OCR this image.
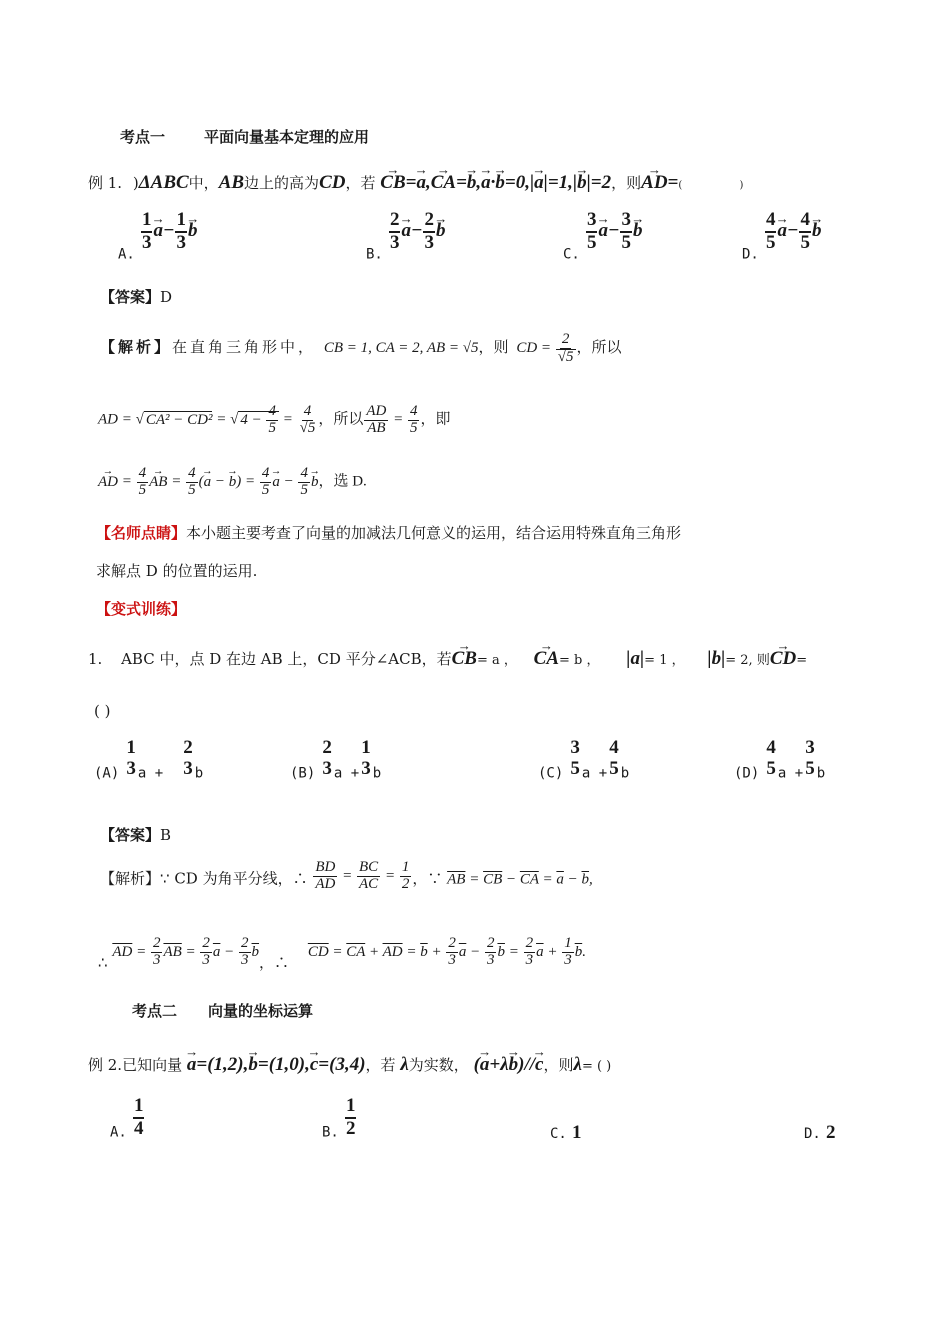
考点一	平面向量基本定理的应用
例 1. )ΔABC中，AB边上的高为CD，若 → CB=→ a,→ CA=→ b,→ a·→ b=0,|→ a|=1,|→ b|=2，则→ AD=(                  )
A.
$\frac{1}{3} \to a- \frac{1}{3} \to b$
B.
$\frac{2}{3} \to a- \frac{2}{3} \to b$
C.
$\frac{3}{5} \to a- \frac{3}{5} \to b$
D.
$\frac{4}{5} \to a- \frac{4}{5} \to b$
【答案】D
【解析】在直角三角形中， CB = 1, CA = 2, AB = √5，则 CD = $\frac{2}{√5}$ ，所以
AD = √ CA² − CD² = √ $4 - \frac{4}{5} = \frac{4}{√5}$ ，所以 $\frac{AD}{AB} = \frac{4}{5}$ ，即
→ AD = $\frac{4}{5}$ → AB = $\frac{4}{5}$ (→ a − → $b) = \frac{4}{5} \to a - \frac{4}{5} \to b$，选 D.
【名师点睛】本小题主要考查了向量的加减法几何意义的运用，结合运用特殊直角三角形
求解点 D 的位置的运用.
【变式训练】
1. ABC 中，点 D 在边 AB 上，CD 平分∠ACB，若→ CB= a ， → CA= b ， |a|= 1 ， |b|= 2, 则→ CD=
( )
(A)
1
3 a +
2
3 b	(B)
2
3 a +
1
3 b	(C)
3
5 a +
4
5 b	(D)
4
5 a +
3
5 b
【答案】B
【解析】∵ CD 为角平分线，∴ $\frac{BD}{AD} = \frac{BC}{AC} = \frac{1}{2}$ ，∵ $\overline{AB} = \overline{CB} - \overline{CA} = \overline{a} - \overline{b}$,
∴ $\overline{AD} = \frac{2}{3} \overline{AB} = \frac{2}{3} \overline{a} - \frac{2}{3} \overline{b}$，∴ $\overline{CD} = \overline{CA} + \overline{AD} = \overline{b} + \frac{2}{3} \overline{a} - \frac{2}{3} \overline{b} = \frac{2}{3} \overline{a} + \frac{1}{3} \overline{b}$.
考点二 向量的坐标运算
例 2.已知向量 → a=(1,2),→ b=(1,0),→ c=(3,4)，若 λ为实数， (→ a+λ→ b)//→ c，则λ= ( )
A. $\frac{1}{4}$	B. $\frac{1}{2}$	C. 1	D. 2
